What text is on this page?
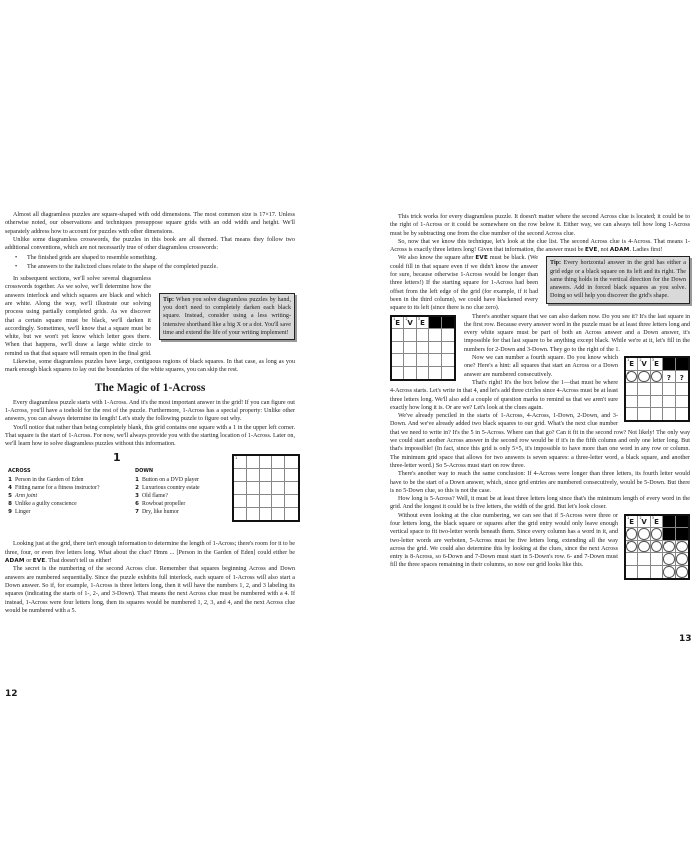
Almost all diagramless puzzles are square-shaped with odd dimensions. The most common size is 17×17. Unless otherwise noted, our observations and techniques presuppose square grids with an odd width and height. We'll separately address how to account for puzzles with other dimensions.

Unlike some diagramless crosswords, the puzzles in this book are all themed. That means they follow two additional conventions, which are not necessarily true of other diagramless crosswords:

• The finished grids are shaped to resemble something.
• The answers to the italicized clues relate to the shape of the completed puzzle.
Tip: When you solve diagramless puzzles by hand, you don't need to completely darken each black square. Instead, consider using a less writing-intensive shorthand like a big X or a dot. You'll save time and extend the life of your writing implement!

In subsequent sections, we'll solve several diagramless crosswords together. As we solve, we'll determine how the answers interlock and which squares are black and which are white. Along the way, we'll illustrate our solving process using partially completed grids. As we discover that a certain square must be black, we'll darken it accordingly. Sometimes, we'll know that a square must be white, but we won't yet know which letter goes there. When that happens, we'll draw a large white circle to remind us that that square will remain open in the final grid.

Likewise, some diagramless puzzles have large, contiguous regions of black squares. In that case, as long as you mark enough black squares to lay out the boundaries of the white squares, you can skip the rest.

The Magic of 1-Across

Every diagramless puzzle starts with 1-Across. And it's the most important answer in the grid! If you can figure out 1-Across, you'll have a toehold for the rest of the puzzle. Furthermore, 1-Across has a special property: Unlike other answers, you can always determine its length! Let's study the following puzzle to figure out why.

You'll notice that rather than being completely blank, this grid contains one square with a 1 in the upper left corner. That square is the start of 1-Across. For now, we'll always provide you with the starting location of 1-Across. Later on, we'll learn how to solve diagramless puzzles without this information.

1
ACROSS
1 Person in the Garden of Eden
4 Fitting name for a fitness instructor?
5 Arm joint
8 Unlike a guilty conscience
9 Linger
DOWN
1 Button on a DVD player
2 Luxurious country estate
3 Old flame?
6 Rowboat propeller
7 Dry, like humor
1

Looking just at the grid, there isn't enough information to determine the length of 1-Across; there's room for it to be three, four, or even five letters long. What about the clue? Hmm ... [Person in the Garden of Eden] could either be ADAM or EVE. That doesn't tell us either!

The secret is the numbering of the second Across clue. Remember that squares beginning Across and Down answers are numbered sequentially. Since the puzzle exhibits full interlock, each square of 1-Across will also start a Down answer. So if, for example, 1-Across is three letters long, then it will have the numbers 1, 2, and 3 labeling its squares (indicating the starts of 1-, 2-, and 3-Down). That means the next Across clue must be numbered with a 4. If instead, 1-Across were four letters long, then its squares would be numbered 1, 2, 3, and 4, and the next Across clue would be numbered with a 5.

12

This trick works for every diagramless puzzle. It doesn't matter where the second Across clue is located; it could be to the right of 1-Across or it could be somewhere on the row below it. Either way, we can always tell how long 1-Across must be by subtracting one from the clue number of the second Across clue.

So, now that we know this technique, let's look at the clue list. The second Across clue is 4-Across. That means 1-Across is exactly three letters long! Given that information, the answer must be EVE, not ADAM. Ladies first!

Tip: Every horizontal answer in the grid has either a grid edge or a black square on its left and its right. The same thing holds in the vertical direction for the Down answers. Add in forced black squares as you solve. Doing so will help you discover the grid's shape.

We also know the square after EVE must be black. (We could fill in that square even if we didn't know the answer for sure, because otherwise 1-Across would be longer than three letters!) If the starting square for 1-Across had been offset from the left edge of the grid (for example, if it had been in the third column), we could have blackened every square to its left (since there is no clue zero).

1 E	2 V	3 E

There's another square that we can also darken now. Do you see it? It's the last square in the first row. Because every answer word in the puzzle must be at least three letters long and every white square must be part of both an Across answer and a Down answer, it's impossible for that last square to be anything except black. While we're at it, let's fill in the numbers for 2-Down and 3-Down. They go to the right of the 1.

1 E	2 V	3 E
4
?	?

Now we can number a fourth square. Do you know which one? Here's a hint: all squares that start an Across or a Down answer are numbered consecutively.

That's right! It's the box below the 1—that must be where 4-Across starts. Let's write in that 4, and let's add three circles since 4-Across must be at least three letters long. We'll also add a couple of question marks to remind us that we aren't sure exactly how long it is. Or are we? Let's look at the clues again.

We've already penciled in the starts of 1-Across, 4-Across, 1-Down, 2-Down, and 3-Down. And we've already added two black squares to our grid. What's the next clue number that we need to write in? It's the 5 in 5-Across. Where can that go? Can it fit in the second row? Not likely! The only way we could start another Across answer in the second row would be if it's in the fifth column and only one letter long. But that's impossible! (In fact, since this grid is only 5×5, it's impossible to have more than one word in any row or column. The minimum grid space that allows for two answers is seven squares: a three-letter word, a black square, and another three-letter word.) So 5-Across must start on row three.

There's another way to reach the same conclusion: If 4-Across were longer than three letters, its fourth letter would have to be the start of a Down answer, which, since grid entries are numbered consecutively, would be 5-Down. But there is no 5-Down clue, so this is not the case.

How long is 5-Across? Well, it must be at least three letters long since that's the minimum length of every word in the grid. And the longest it could be is five letters, the width of the grid. But let's look closer.

1 E	2 V	3 E
4
5	6	7

Without even looking at the clue numbering, we can see that if 5-Across were three or four letters long, the black square or squares after the grid entry would only leave enough vertical space to fit two-letter words beneath them. Since every column has a word in it, and two-letter words are verboten, 5-Across must be five letters long, extending all the way across the grid. We could also determine this by looking at the clues, since the next Across entry is 8-Across, so 6-Down and 7-Down must start in 5-Down's row. 6- and 7-Down must fill the three spaces remaining in their columns, so now our grid looks like this.

13
